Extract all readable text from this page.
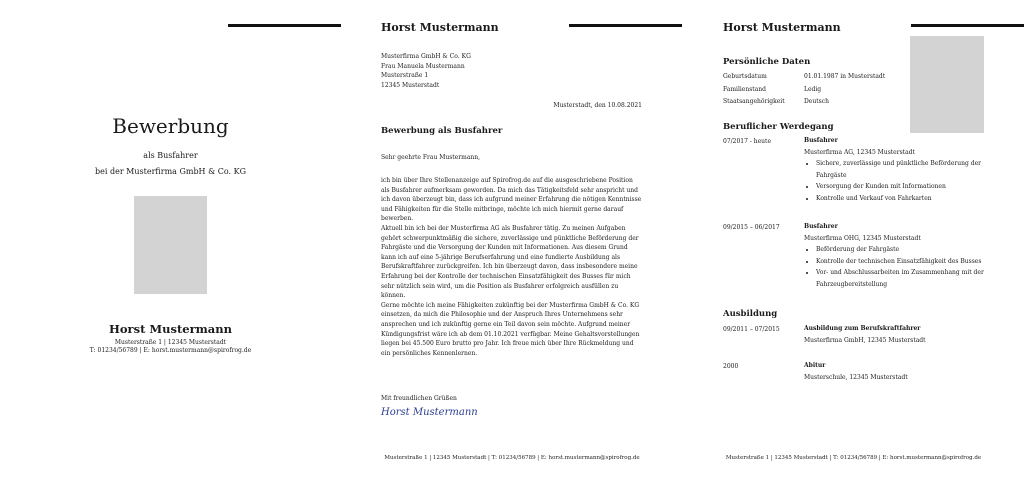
Bewerbung
als Busfahrer
bei der Musterfirma GmbH & Co. KG
Horst Mustermann
Musterstraße 1 | 12345 Musterstadt
T: 01234/56789 | E: horst.mustermann@spirofrog.de
Horst Mustermann
Musterfirma GmbH & Co. KG
Frau Manuela Mustermann
Musterstraße 1
12345 Musterstadt
Musterstadt, den 10.08.2021
Bewerbung als Busfahrer
Sehr geehrte Frau Mustermann,

ich bin über Ihre Stellenanzeige auf Spirofrog.de auf die ausgeschriebene Position als Busfahrer aufmerksam geworden. Da mich das Tätigkeitsfeld sehr anspricht und ich davon überzeugt bin, dass ich aufgrund meiner Erfahrung die nötigen Kenntnisse und Fähigkeiten für die Stelle mitbringe, möchte ich mich hiermit gerne darauf bewerben.

Aktuell bin ich bei der Musterfirma AG als Busfahrer tätig. Zu meinen Aufgaben gehört schwerpunktmäßig die sichere, zuverlässige und pünktliche Beförderung der Fahrgäste und die Versorgung der Kunden mit Informationen. Aus diesem Grund kann ich auf eine 5-jährige Berufserfahrung und eine fundierte Ausbildung als Berufskraftfahrer zurückgreifen. Ich bin überzeugt davon, dass insbesondere meine Erfahrung bei der Kontrolle der technischen Einsatzfähigkeit des Busses für mich sehr nützlich sein wird, um die Position als Busfahrer erfolgreich ausfüllen zu können.

Gerne möchte ich meine Fähigkeiten zukünftig bei der Musterfirma GmbH & Co. KG einsetzen, da mich die Philosophie und der Anspruch Ihres Unternehmens sehr ansprechen und ich zukünftig gerne ein Teil davon sein möchte. Aufgrund meiner Kündigungsfrist wäre ich ab dem 01.10.2021 verfügbar. Meine Gehaltsvorstellungen liegen bei 45.500 Euro brutto pro Jahr. Ich freue mich über Ihre Rückmeldung und ein persönliches Kennenlernen.

Mit freundlichen Grüßen
Horst Mustermann
Musterstraße 1 | 12345 Musterstadt | T: 01234/56789 | E: horst.mustermann@spirofrog.de
Horst Mustermann
Persönliche Daten
Geburtsdatum	01.01.1987 in Musterstadt
Familienstand	Ledig
Staatsangehörigkeit	Deutsch
Beruflicher Werdegang
07/2017 - heute	Busfahrer
Musterfirma AG, 12345 Musterstadt
• Sichere, zuverlässige und pünktliche Beförderung der Fahrgäste
• Versorgung der Kunden mit Informationen
• Kontrolle und Verkauf von Fahrkarten
09/2015 – 06/2017	Busfahrer
Musterfirma OHG, 12345 Musterstadt
• Beförderung der Fahrgäste
• Kontrolle der technischen Einsatzfähigkeit des Busses
• Vor- und Abschlussarbeiten im Zusammenhang mit der Fahrzeugbereitstellung
Ausbildung
09/2011 – 07/2015	Ausbildung zum Berufskraftfahrer
Musterfirma GmbH, 12345 Musterstadt
2000	Abitur
Musterschule, 12345 Musterstadt
Musterstraße 1 | 12345 Musterstadt | T: 01234/56789 | E: horst.mustermann@spirofrog.de
